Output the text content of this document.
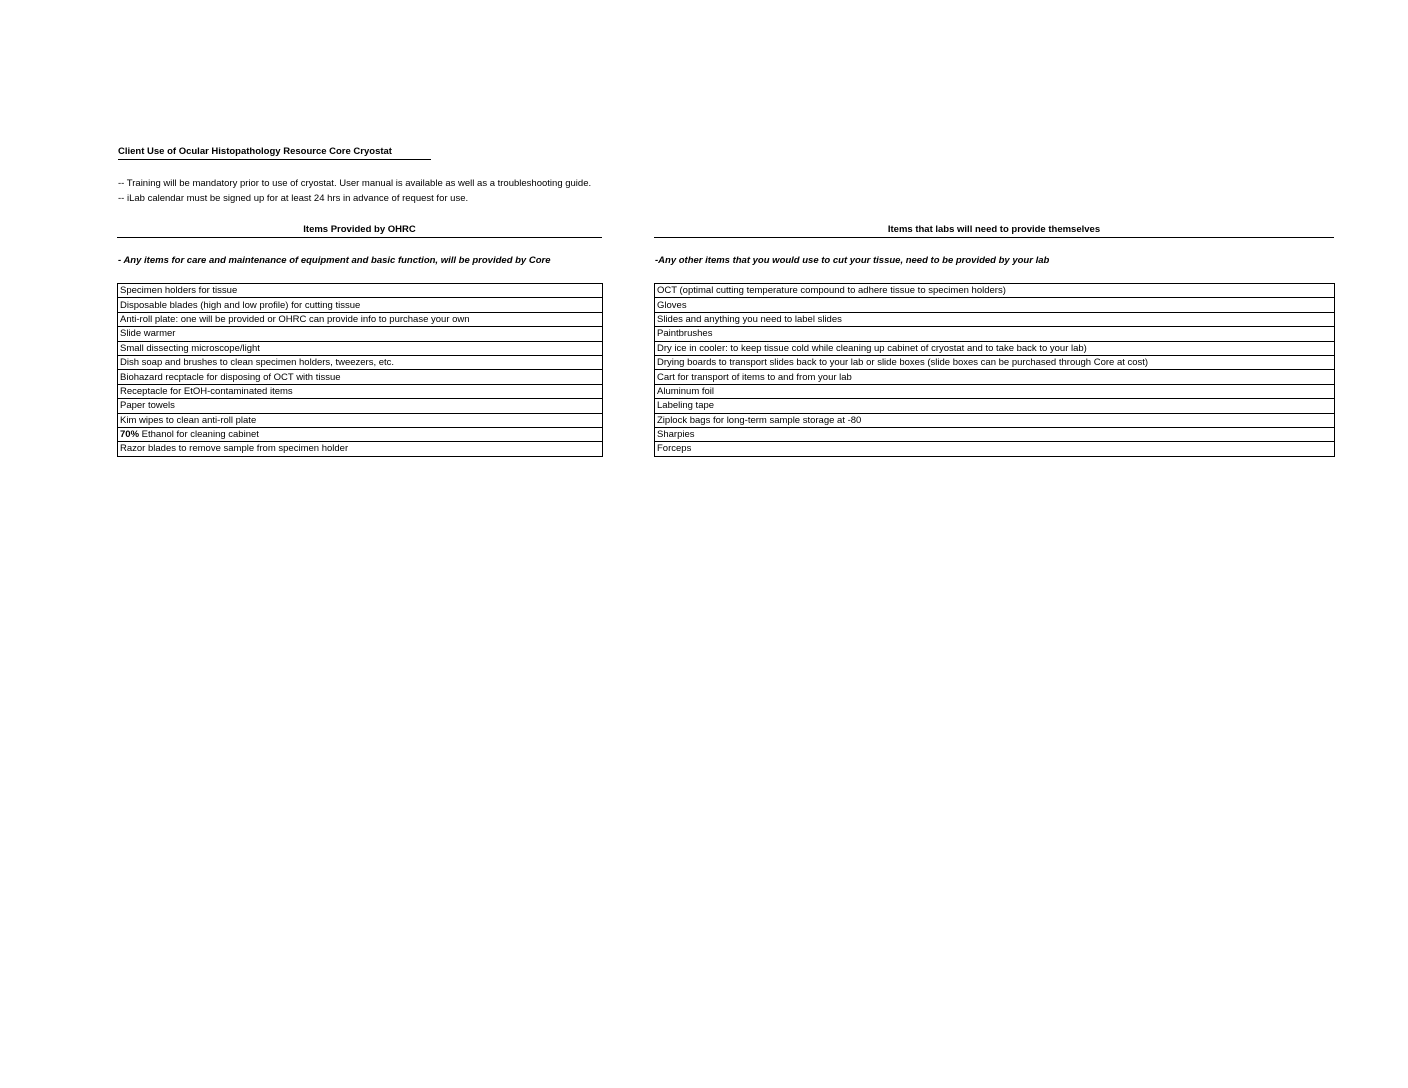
Client Use of Ocular Histopathology Resource Core Cryostat
-- Training will be mandatory prior to use of cryostat. User manual is available as well as a troubleshooting guide.
-- iLab calendar must be signed up for at least 24 hrs in advance of request for use.
Items Provided by OHRC	Items that labs will need to provide themselves
- Any items for care and maintenance of equipment and basic function, will be provided by Core	-Any other items that you would use to cut your tissue, need to be provided by your lab
Specimen holders for tissue
Disposable blades (high and low profile) for cutting tissue
Anti-roll plate: one will be provided or OHRC can provide info to purchase your own
Slide warmer
Small dissecting microscope/light
Dish soap and brushes to clean specimen holders, tweezers, etc.
Biohazard recptacle for disposing of OCT with tissue
Receptacle for EtOH-contaminated items
Paper towels
Kim wipes to clean anti-roll plate
70% Ethanol for cleaning cabinet
Razor blades to remove sample from specimen holder
OCT (optimal cutting temperature compound to adhere tissue to specimen holders)
Gloves
Slides and anything you need to label slides
Paintbrushes
Dry ice in cooler: to keep tissue cold while cleaning up cabinet of cryostat and to take back to your lab)
Drying boards to transport slides back to your lab or slide boxes (slide boxes can be purchased through Core at cost)
Cart for transport of items to and from your lab
Aluminum foil
Labeling tape
Ziplock bags for long-term sample storage at -80
Sharpies
Forceps
